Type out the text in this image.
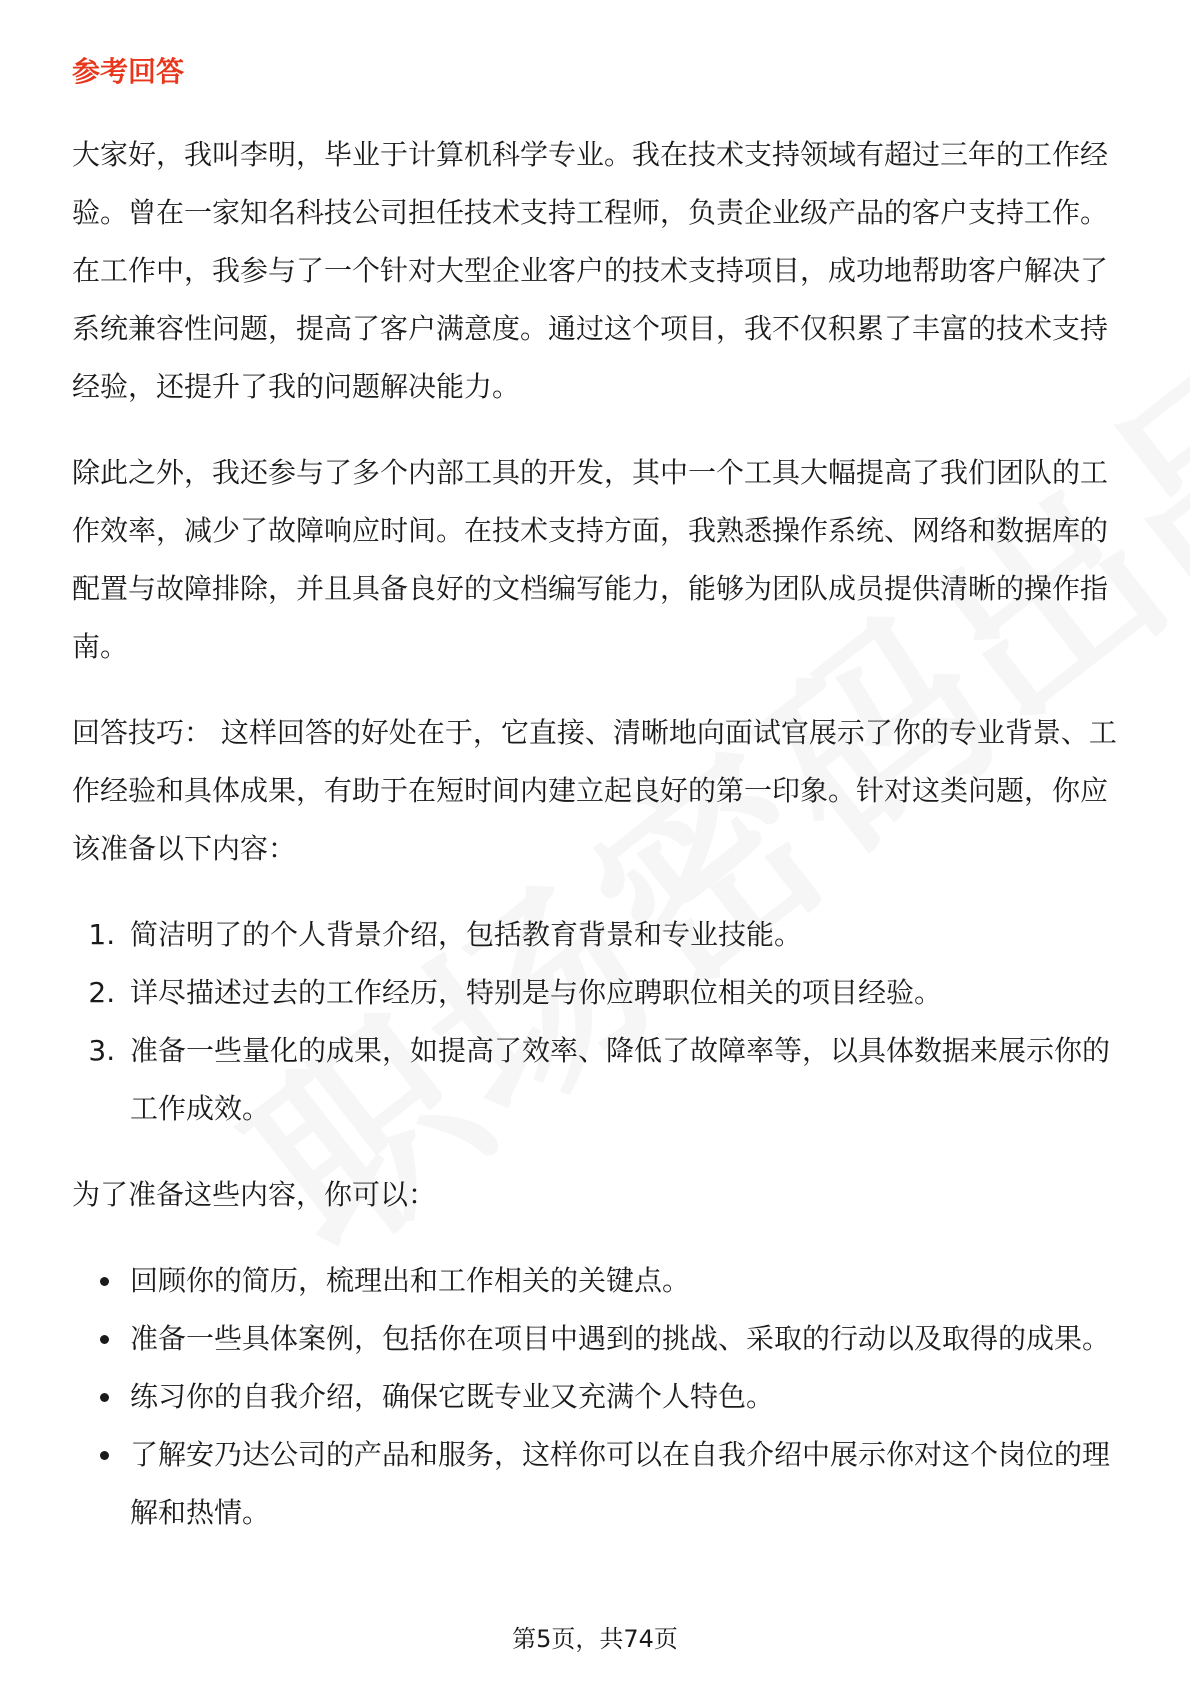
参考回答

大家好，我叫李明，毕业于计算机科学专业。我在技术支持领域有超过三年的工作经验。曾在一家知名科技公司担任技术支持工程师，负责企业级产品的客户支持工作。在工作中，我参与了一个针对大型企业客户的技术支持项目，成功地帮助客户解决了系统兼容性问题，提高了客户满意度。通过这个项目，我不仅积累了丰富的技术支持经验，还提升了我的问题解决能力。

除此之外，我还参与了多个内部工具的开发，其中一个工具大幅提高了我们团队的工作效率，减少了故障响应时间。在技术支持方面，我熟悉操作系统、网络和数据库的配置与故障排除，并且具备良好的文档编写能力，能够为团队成员提供清晰的操作指南。

回答技巧： 这样回答的好处在于，它直接、清晰地向面试官展示了你的专业背景、工作经验和具体成果，有助于在短时间内建立起良好的第一印象。针对这类问题，你应该准备以下内容：

1. 简洁明了的个人背景介绍，包括教育背景和专业技能。
2. 详尽描述过去的工作经历，特别是与你应聘职位相关的项目经验。
3. 准备一些量化的成果，如提高了效率、降低了故障率等，以具体数据来展示你的工作成效。

为了准备这些内容，你可以：

• 回顾你的简历，梳理出和工作相关的关键点。
• 准备一些具体案例，包括你在项目中遇到的挑战、采取的行动以及取得的成果。
• 练习你的自我介绍，确保它既专业又充满个人特色。
• 了解安乃达公司的产品和服务，这样你可以在自我介绍中展示你对这个岗位的理解和热情。
第5页，共74页
